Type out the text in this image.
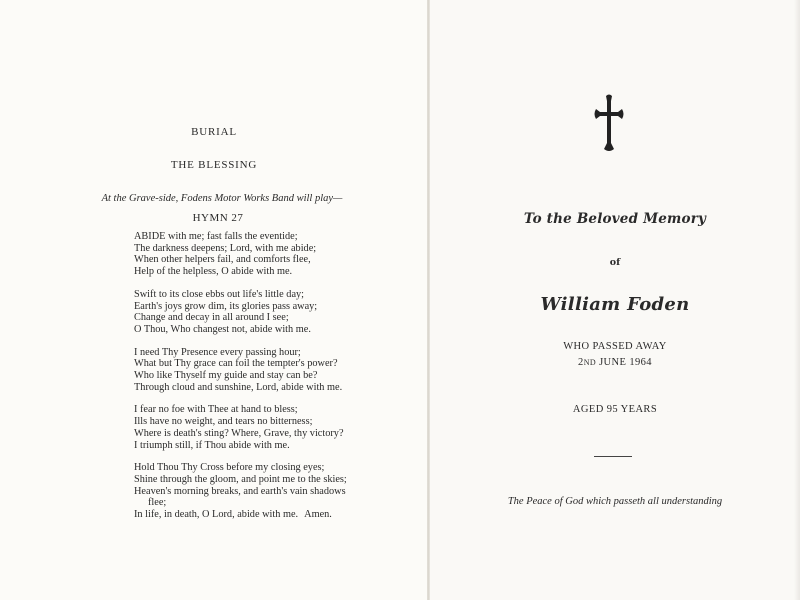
BURIAL
THE BLESSING
At the Grave-side, Fodens Motor Works Band will play—
HYMN 27
ABIDE with me; fast falls the eventide;
The darkness deepens; Lord, with me abide;
When other helpers fail, and comforts flee,
Help of the helpless, O abide with me.
Swift to its close ebbs out life's little day;
Earth's joys grow dim, its glories pass away;
Change and decay in all around I see;
O Thou, Who changest not, abide with me.
I need Thy Presence every passing hour;
What but Thy grace can foil the tempter's power?
Who like Thyself my guide and stay can be?
Through cloud and sunshine, Lord, abide with me.
I fear no foe with Thee at hand to bless;
Ills have no weight, and tears no bitterness;
Where is death's sting? Where, Grave, thy victory?
I triumph still, if Thou abide with me.
Hold Thou Thy Cross before my closing eyes;
Shine through the gloom, and point me to the skies;
Heaven's morning breaks, and earth's vain shadows
flee;
In life, in death, O Lord, abide with me. Amen.
To the Beloved Memory
of
William Foden
WHO PASSED AWAY
2ND JUNE 1964
AGED 95 YEARS
The Peace of God which passeth all understanding
